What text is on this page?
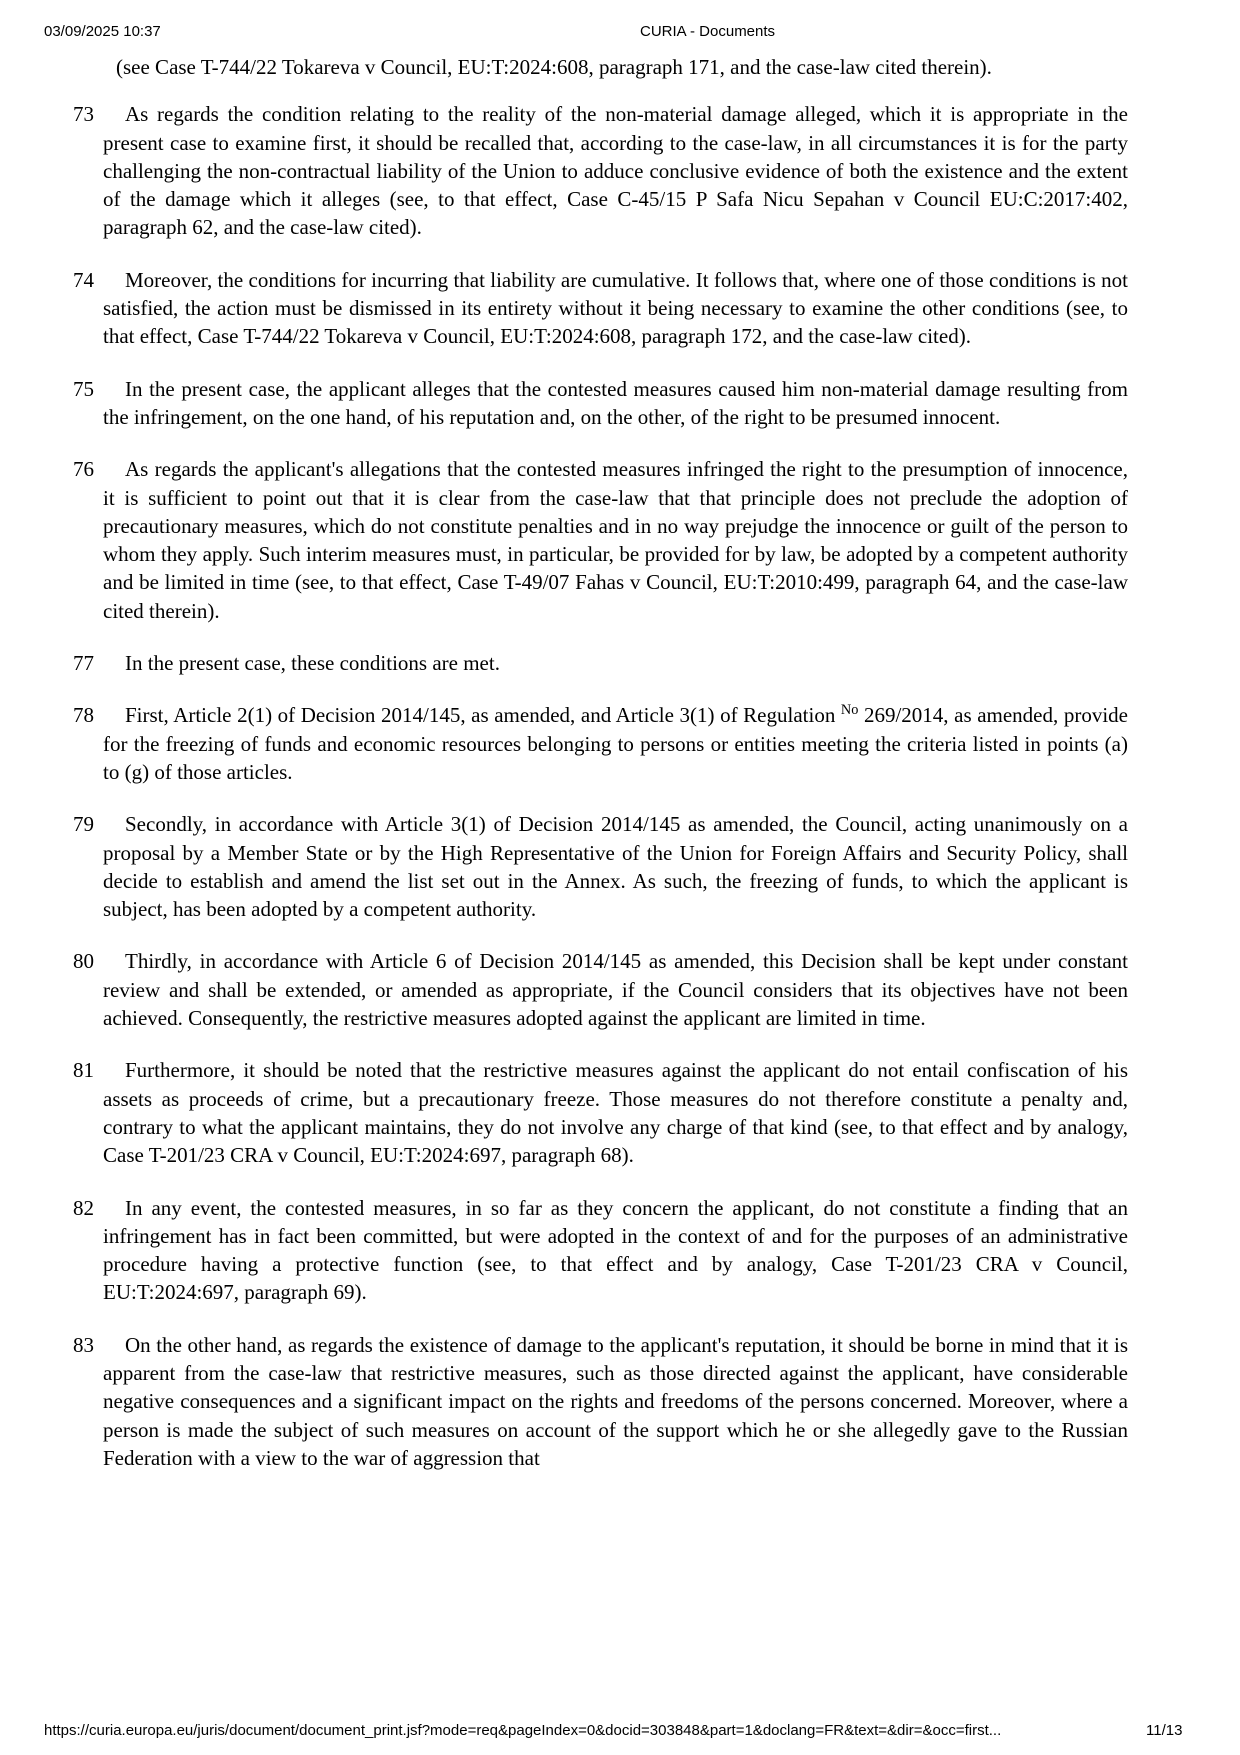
03/09/2025 10:37	CURIA - Documents

(see Case T-744/22 Tokareva v Council, EU:T:2024:608, paragraph 171, and the case-law cited therein).

73	As regards the condition relating to the reality of the non-material damage alleged, which it is appropriate in the present case to examine first, it should be recalled that, according to the case-law, in all circumstances it is for the party challenging the non-contractual liability of the Union to adduce conclusive evidence of both the existence and the extent of the damage which it alleges (see, to that effect, Case C-45/15 P Safa Nicu Sepahan v Council EU:C:2017:402, paragraph 62, and the case-law cited).
74	Moreover, the conditions for incurring that liability are cumulative. It follows that, where one of those conditions is not satisfied, the action must be dismissed in its entirety without it being necessary to examine the other conditions (see, to that effect, Case T-744/22 Tokareva v Council, EU:T:2024:608, paragraph 172, and the case-law cited).
75	In the present case, the applicant alleges that the contested measures caused him non-material damage resulting from the infringement, on the one hand, of his reputation and, on the other, of the right to be presumed innocent.
76	As regards the applicant's allegations that the contested measures infringed the right to the presumption of innocence, it is sufficient to point out that it is clear from the case-law that that principle does not preclude the adoption of precautionary measures, which do not constitute penalties and in no way prejudge the innocence or guilt of the person to whom they apply. Such interim measures must, in particular, be provided for by law, be adopted by a competent authority and be limited in time (see, to that effect, Case T-49/07 Fahas v Council, EU:T:2010:499, paragraph 64, and the case-law cited therein).
77	In the present case, these conditions are met.
78	First, Article 2(1) of Decision 2014/145, as amended, and Article 3(1) of Regulation $^{No}$ 269/2014, as amended, provide for the freezing of funds and economic resources belonging to persons or entities meeting the criteria listed in points (a) to (g) of those articles.
79	Secondly, in accordance with Article 3(1) of Decision 2014/145 as amended, the Council, acting unanimously on a proposal by a Member State or by the High Representative of the Union for Foreign Affairs and Security Policy, shall decide to establish and amend the list set out in the Annex. As such, the freezing of funds, to which the applicant is subject, has been adopted by a competent authority.
80	Thirdly, in accordance with Article 6 of Decision 2014/145 as amended, this Decision shall be kept under constant review and shall be extended, or amended as appropriate, if the Council considers that its objectives have not been achieved. Consequently, the restrictive measures adopted against the applicant are limited in time.
81	Furthermore, it should be noted that the restrictive measures against the applicant do not entail confiscation of his assets as proceeds of crime, but a precautionary freeze. Those measures do not therefore constitute a penalty and, contrary to what the applicant maintains, they do not involve any charge of that kind (see, to that effect and by analogy, Case T-201/23 CRA v Council, EU:T:2024:697, paragraph 68).
82	In any event, the contested measures, in so far as they concern the applicant, do not constitute a finding that an infringement has in fact been committed, but were adopted in the context of and for the purposes of an administrative procedure having a protective function (see, to that effect and by analogy, Case T-201/23 CRA v Council, EU:T:2024:697, paragraph 69).
83	On the other hand, as regards the existence of damage to the applicant's reputation, it should be borne in mind that it is apparent from the case-law that restrictive measures, such as those directed against the applicant, have considerable negative consequences and a significant impact on the rights and freedoms of the persons concerned. Moreover, where a person is made the subject of such measures on account of the support which he or she allegedly gave to the Russian Federation with a view to the war of aggression that
https://curia.europa.eu/juris/document/document_print.jsf?mode=req&pageIndex=0&docid=303848&part=1&doclang=FR&text=&dir=&occ=first...	11/13
